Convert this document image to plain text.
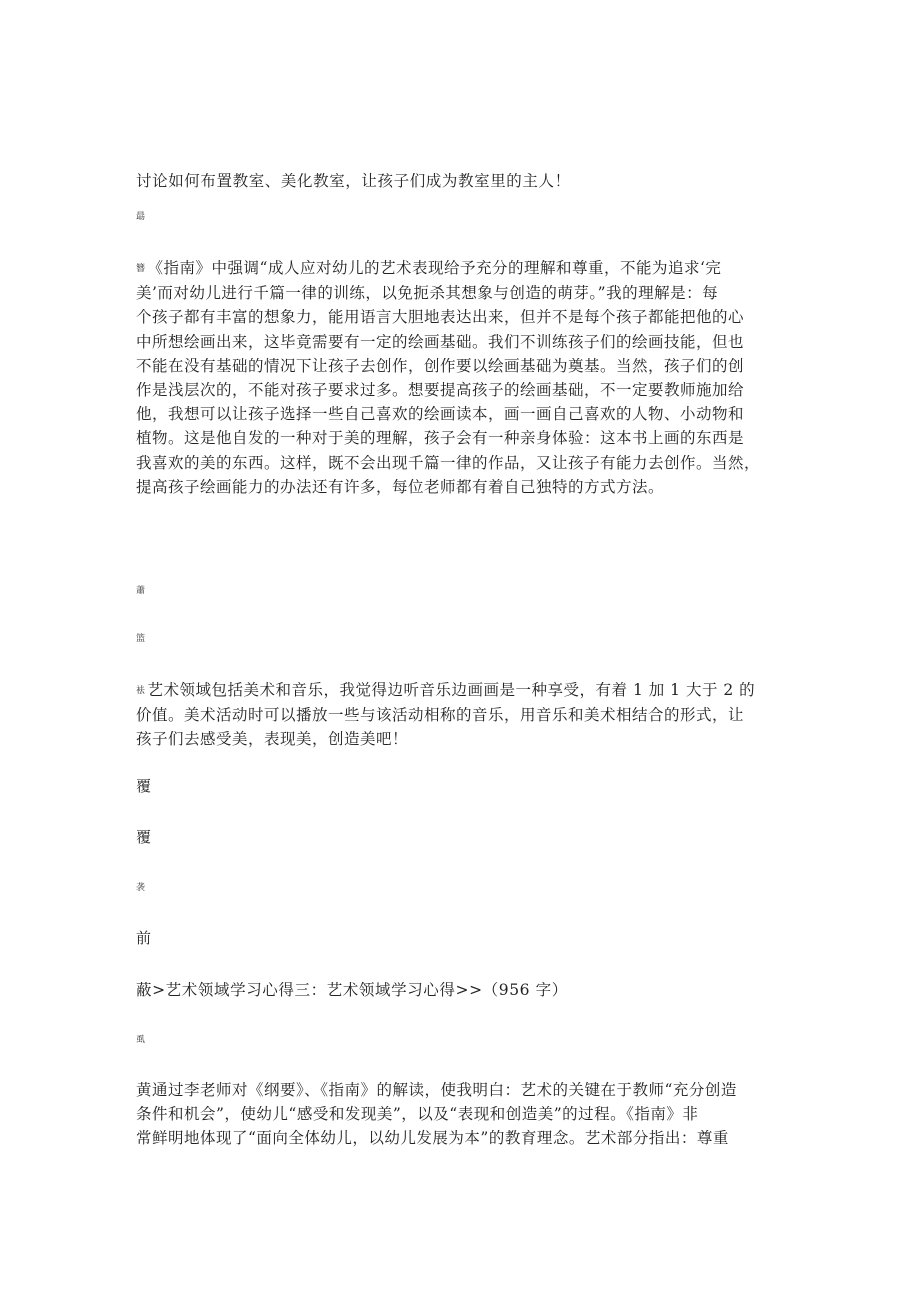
讨论如何布置教室、美化教室，让孩子们成为教室里的主人！
朂

簪 《指南》中强调“成人应对幼儿的艺术表现给予充分的理解和尊重，不能为追求‘完

美’而对幼儿进行千篇一律的训练，以免扼杀其想象与创造的萌芽。”我的理解是：每

个孩子都有丰富的想象力，能用语言大胆地表达出来，但并不是每个孩子都能把他的心

中所想绘画出来，这毕竟需要有一定的绘画基础。我们不训练孩子们的绘画技能，但也

不能在没有基础的情况下让孩子去创作，创作要以绘画基础为奠基。当然，孩子们的创

作是浅层次的，不能对孩子要求过多。想要提高孩子的绘画基础，不一定要教师施加给

他，我想可以让孩子选择一些自己喜欢的绘画读本，画一画自己喜欢的人物、小动物和

植物。这是他自发的一种对于美的理解，孩子会有一种亲身体验：这本书上画的东西是

我喜欢的美的东西。这样，既不会出现千篇一律的作品，又让孩子有能力去创作。当然，

提高孩子绘画能力的办法还有许多，每位老师都有着自己独特的方式方法。

蕭
篮

袪 艺术领域包括美术和音乐，我觉得边听音乐边画画是一种享受，有着 1 加 1 大于 2 的

价值。美术活动时可以播放一些与该活动相称的音乐，用音乐和美术相结合的形式，让

孩子们去感受美，表现美，创造美吧！

覆
覆
袭
前
蔽>艺术领域学习心得三：艺术领域学习心得>>（956 字）
虱

黄通过李老师对《纲要》、《指南》的解读，使我明白：艺术的关键在于教师“充分创造

条件和机会”，使幼儿“感受和发现美”，以及“表现和创造美”的过程。《指南》非

常鲜明地体现了“面向全体幼儿，以幼儿发展为本”的教育理念。艺术部分指出：尊重
